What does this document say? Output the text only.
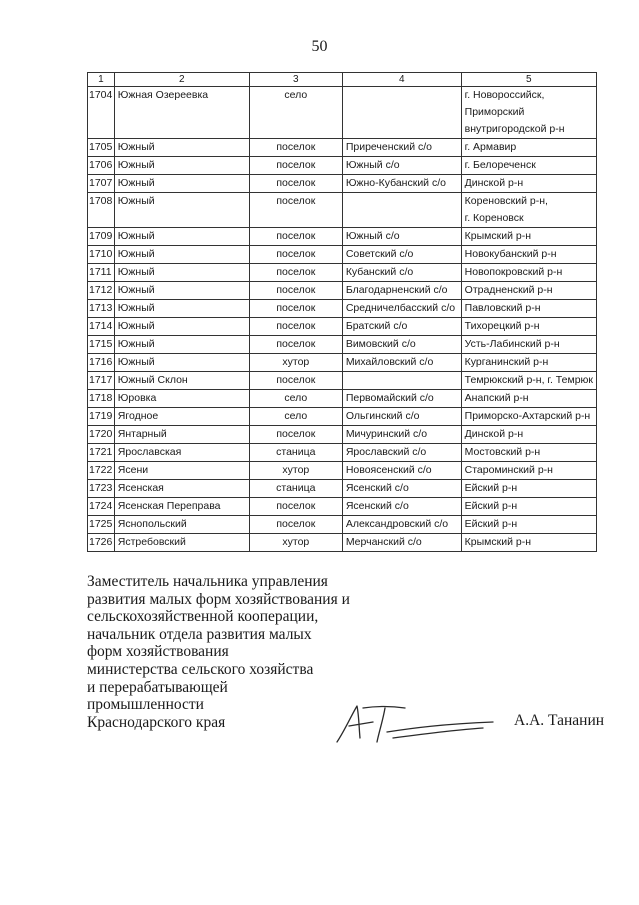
50
1	2	3	4	5
1704	Южная Озереевка	село		г. Новороссийск,
Приморский
внутригородской р-н

1705	Южный	поселок	Приреченский с/о	г. Армавир

1706	Южный	поселок	Южный с/о	г. Белореченск

1707	Южный	поселок	Южно-Кубанский с/о	Динской р-н

1708	Южный	поселок		Кореновский р-н,
г. Кореновск

1709	Южный	поселок	Южный с/о	Крымский р-н

1710	Южный	поселок	Советский с/о	Новокубанский р-н

1711	Южный	поселок	Кубанский с/о	Новопокровский р-н

1712	Южный	поселок	Благодарненский с/о	Отрадненский р-н

1713	Южный	поселок	Средничелбасский с/о	Павловский р-н

1714	Южный	поселок	Братский с/о	Тихорецкий р-н

1715	Южный	поселок	Вимовский с/о	Усть-Лабинский р-н

1716	Южный	хутор	Михайловский с/о	Курганинский р-н

1717	Южный Склон	поселок		Темрюкский р-н, г. Темрюк

1718	Юровка	село	Первомайский с/о	Анапский р-н

1719	Ягодное	село	Ольгинский с/о	Приморско-Ахтарский р-н

1720	Янтарный	поселок	Мичуринский с/о	Динской р-н

1721	Ярославская	станица	Ярославский с/о	Мостовский р-н

1722	Ясени	хутор	Новоясенский с/о	Староминский р-н

1723	Ясенская	станица	Ясенский с/о	Ейский р-н

1724	Ясенская Переправа	поселок	Ясенский с/о	Ейский р-н

1725	Яснопольский	поселок	Александровский с/о	Ейский р-н

1726	Ястребовский	хутор	Мерчанский с/о	Крымский р-н
Заместитель начальника управления
развития малых форм хозяйствования и
сельскохозяйственной кооперации,
начальник отдела развития малых
форм хозяйствования
министерства сельского хозяйства
и перерабатывающей
промышленности
Краснодарского края	А.А. Тананин
